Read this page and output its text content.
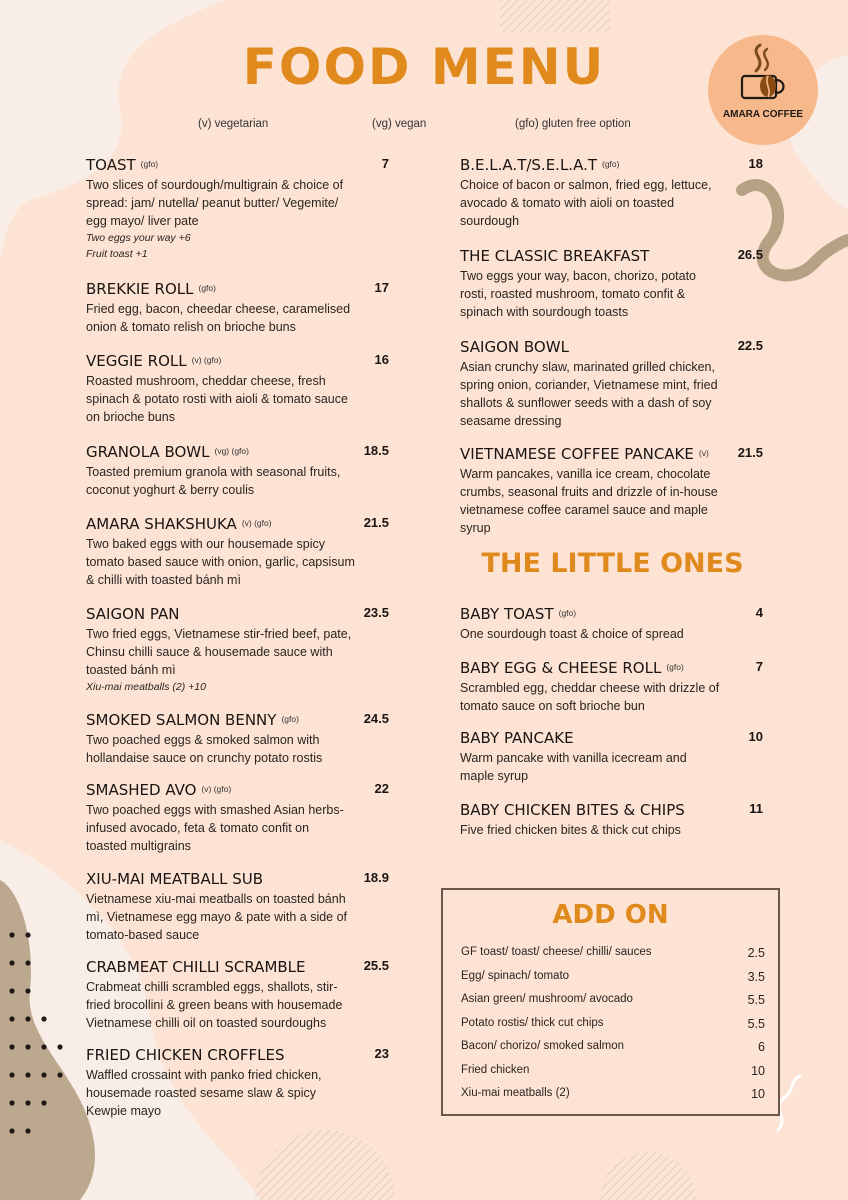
FOOD MENU
AMARA COFFEE
(v) vegetarian	(vg) vegan	(gfo) gluten free option
THE LITTLE ONES
ADD ON
GF toast/ toast/ cheese/ chilli/ sauces	2.5
Egg/ spinach/ tomato	3.5
Asian green/ mushroom/ avocado	5.5
Potato rostis/ thick cut chips	5.5
Bacon/ chorizo/ smoked salmon	6
Fried chicken	10
Xiu-mai meatballs (2)	10
TOAST (gfo)	7
Two slices of sourdough/multigrain & choice of
spread: jam/ nutella/ peanut butter/ Vegemite/
egg mayo/ liver pate
Two eggs your way +6
Fruit toast +1
BREKKIE ROLL (gfo)	17
Fried egg, bacon, cheedar cheese, caramelised
onion & tomato relish on brioche buns
VEGGIE ROLL (v) (gfo)	16
Roasted mushroom, cheddar cheese, fresh
spinach & potato rosti with aioli & tomato sauce
on brioche buns
GRANOLA BOWL (vg) (gfo)	18.5
Toasted premium granola with seasonal fruits,
coconut yoghurt & berry coulis
AMARA SHAKSHUKA (v) (gfo)	21.5
Two baked eggs with our housemade spicy
tomato based sauce with onion, garlic, capsisum
& chilli with toasted bánh mì
SAIGON PAN	23.5
Two fried eggs, Vietnamese stir-fried beef, pate,
Chinsu chilli sauce & housemade sauce with
toasted bánh mì
Xiu-mai meatballs (2) +10
SMOKED SALMON BENNY (gfo)	24.5
Two poached eggs & smoked salmon with
hollandaise sauce on crunchy potato rostis
SMASHED AVO (v) (gfo)	22
Two poached eggs with smashed Asian herbs-
infused avocado, feta & tomato confit on
toasted multigrains
XIU-MAI MEATBALL SUB	18.9
Vietnamese xiu-mai meatballs on toasted bánh
mì, Vietnamese egg mayo & pate with a side of
tomato-based sauce
CRABMEAT CHILLI SCRAMBLE	25.5
Crabmeat chilli scrambled eggs, shallots, stir-
fried brocollini & green beans with housemade
Vietnamese chilli oil on toasted sourdoughs
FRIED CHICKEN CROFFLES	23
Waffled crossaint with panko fried chicken,
housemade roasted sesame slaw & spicy
Kewpie mayo
B.E.L.A.T/S.E.L.A.T (gfo)	18
Choice of bacon or salmon, fried egg, lettuce,
avocado & tomato with aioli on toasted
sourdough
THE CLASSIC BREAKFAST	26.5
Two eggs your way, bacon, chorizo, potato
rosti, roasted mushroom, tomato confit &
spinach with sourdough toasts
SAIGON BOWL	22.5
Asian crunchy slaw, marinated grilled chicken,
spring onion, coriander, Vietnamese mint, fried
shallots & sunflower seeds with a dash of soy
seasame dressing
VIETNAMESE COFFEE PANCAKE (v) 21.5
Warm pancakes, vanilla ice cream, chocolate
crumbs, seasonal fruits and drizzle of in-house
vietnamese coffee caramel sauce and maple
syrup
BABY TOAST (gfo)	4
One sourdough toast & choice of spread
BABY EGG & CHEESE ROLL (gfo)	7
Scrambled egg, cheddar cheese with drizzle of
tomato sauce on soft brioche bun
BABY PANCAKE	10
Warm pancake with vanilla icecream and
maple syrup
BABY CHICKEN BITES & CHIPS	11
Five fried chicken bites & thick cut chips
